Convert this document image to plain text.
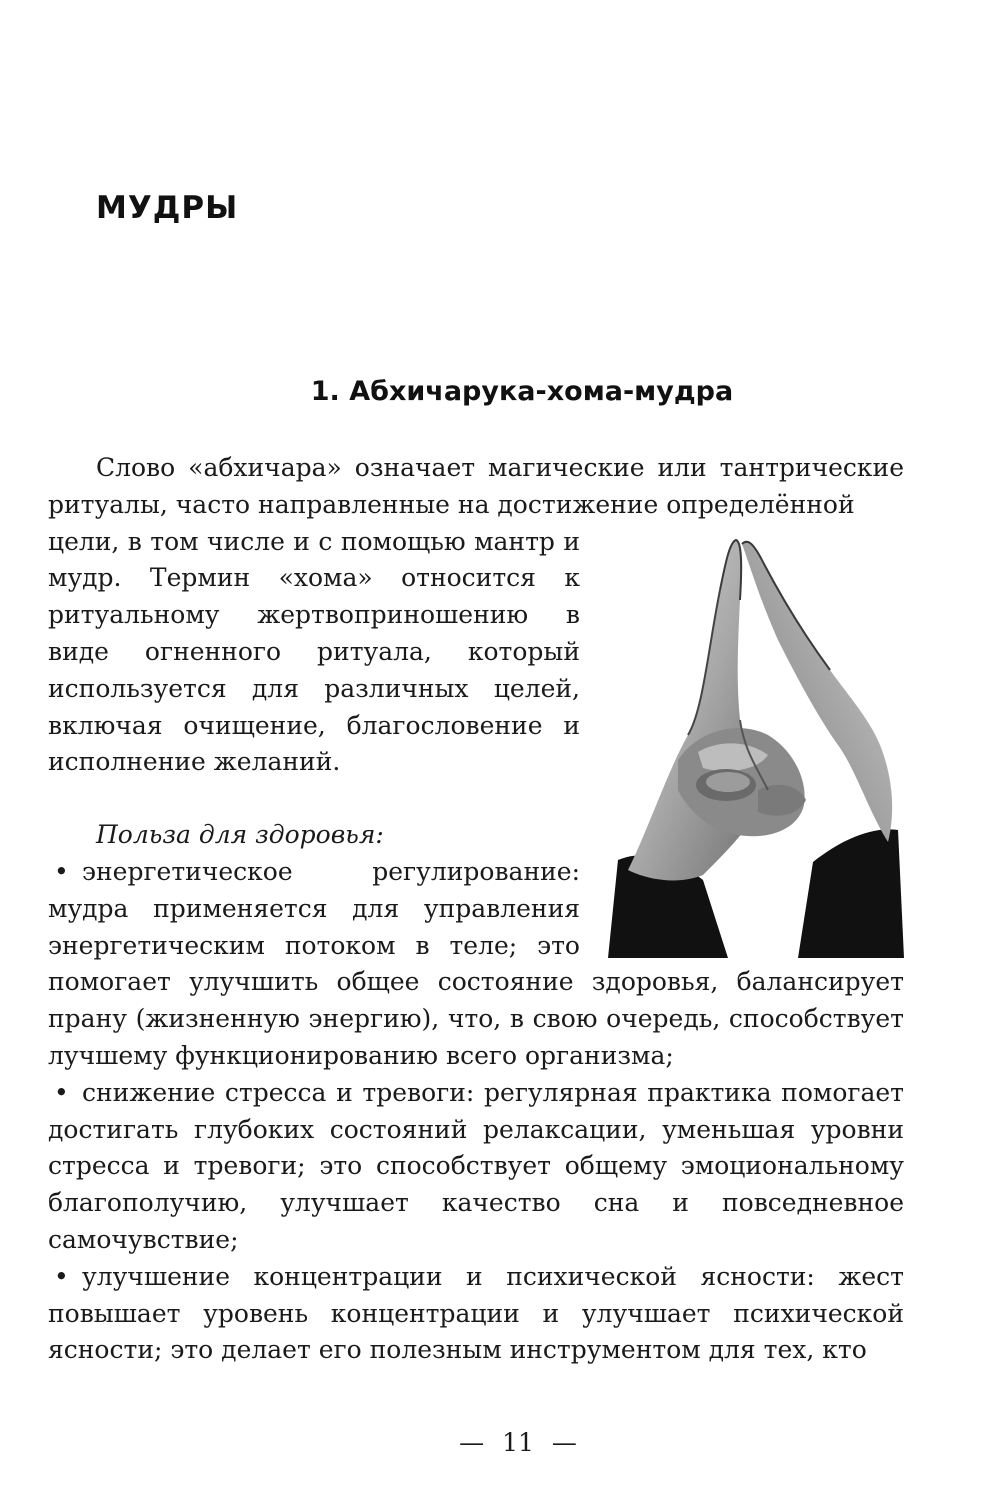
МУДРЫ
1. Абхичарука-хома-мудра

Слово «абхичара» означает магические или тантрические ритуалы, часто направленные на достижение определённой

цели, в том числе и с помощью мантр и мудр. Термин «хома» относится к ритуальному жертвоприношению в виде огненного ритуала, который используется для различных целей, включая очищение, благословение и исполнение желаний.

Польза для здоровья:

• энергетическое регулирование: мудра применяется для управления энергетическим потоком в теле; это помогает улучшить общее состояние здоровья, балансирует прану (жизненную энергию), что, в свою очередь, способствует лучшему функционированию всего организма;

• снижение стресса и тревоги: регулярная практика помогает достигать глубоких состояний релаксации, уменьшая уровни стресса и тревоги; это способствует общему эмоциональному благополучию, улучшает качество сна и повседневное самочувствие;

• улучшение концентрации и психической ясности: жест повышает уровень концентрации и улучшает психической ясности; это делает его полезным инструментом для тех, кто

— 11 —
